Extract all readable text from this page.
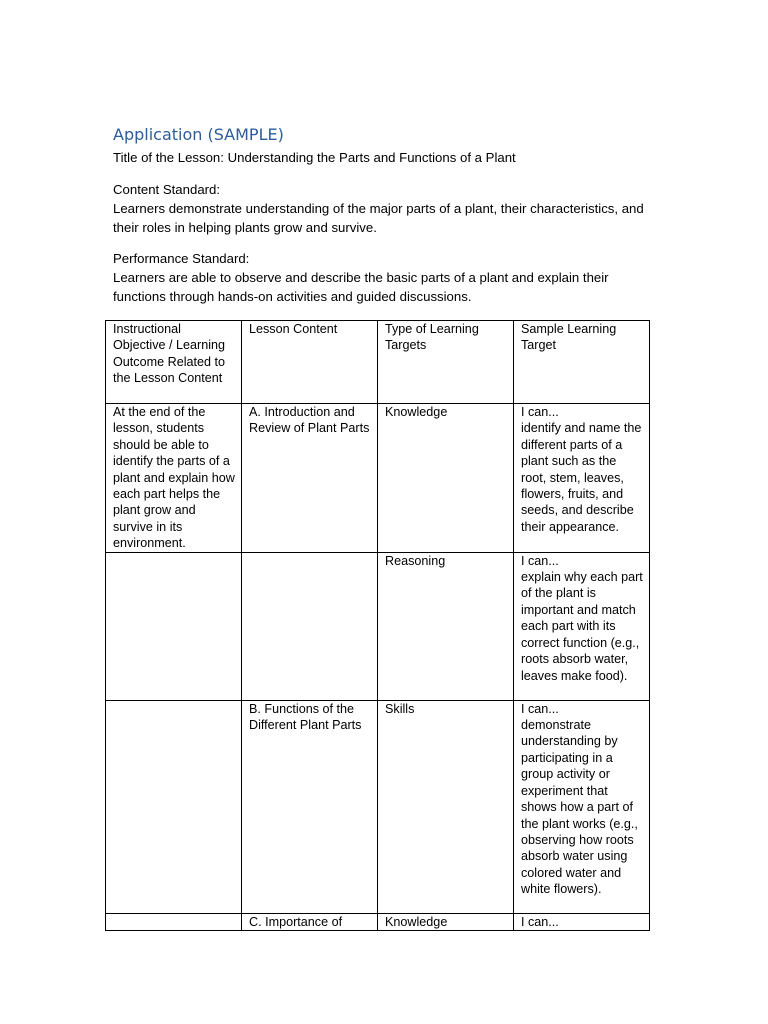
Application (SAMPLE)

Title of the Lesson: Understanding the Parts and Functions of a Plant

Content Standard:
Learners demonstrate understanding of the major parts of a plant, their characteristics, and their roles in helping plants grow and survive.

Performance Standard:
Learners are able to observe and describe the basic parts of a plant and explain their functions through hands-on activities and guided discussions.

Instructional Objective / Learning Outcome Related to the Lesson Content	Lesson Content	Type of Learning Targets	Sample Learning Target
At the end of the lesson, students should be able to identify the parts of a plant and explain how each part helps the plant grow and survive in its environment.	A. Introduction and Review of Plant Parts	Knowledge	I can...
identify and name the different parts of a plant such as the root, stem, leaves, flowers, fruits, and seeds, and describe their appearance.
		Reasoning	I can...
explain why each part of the plant is important and match each part with its correct function (e.g., roots absorb water, leaves make food).
	B. Functions of the Different Plant Parts	Skills	I can...
demonstrate understanding by participating in a group activity or experiment that shows how a part of the plant works (e.g., observing how roots absorb water using colored water and white flowers).
	C. Importance of	Knowledge	I can...
